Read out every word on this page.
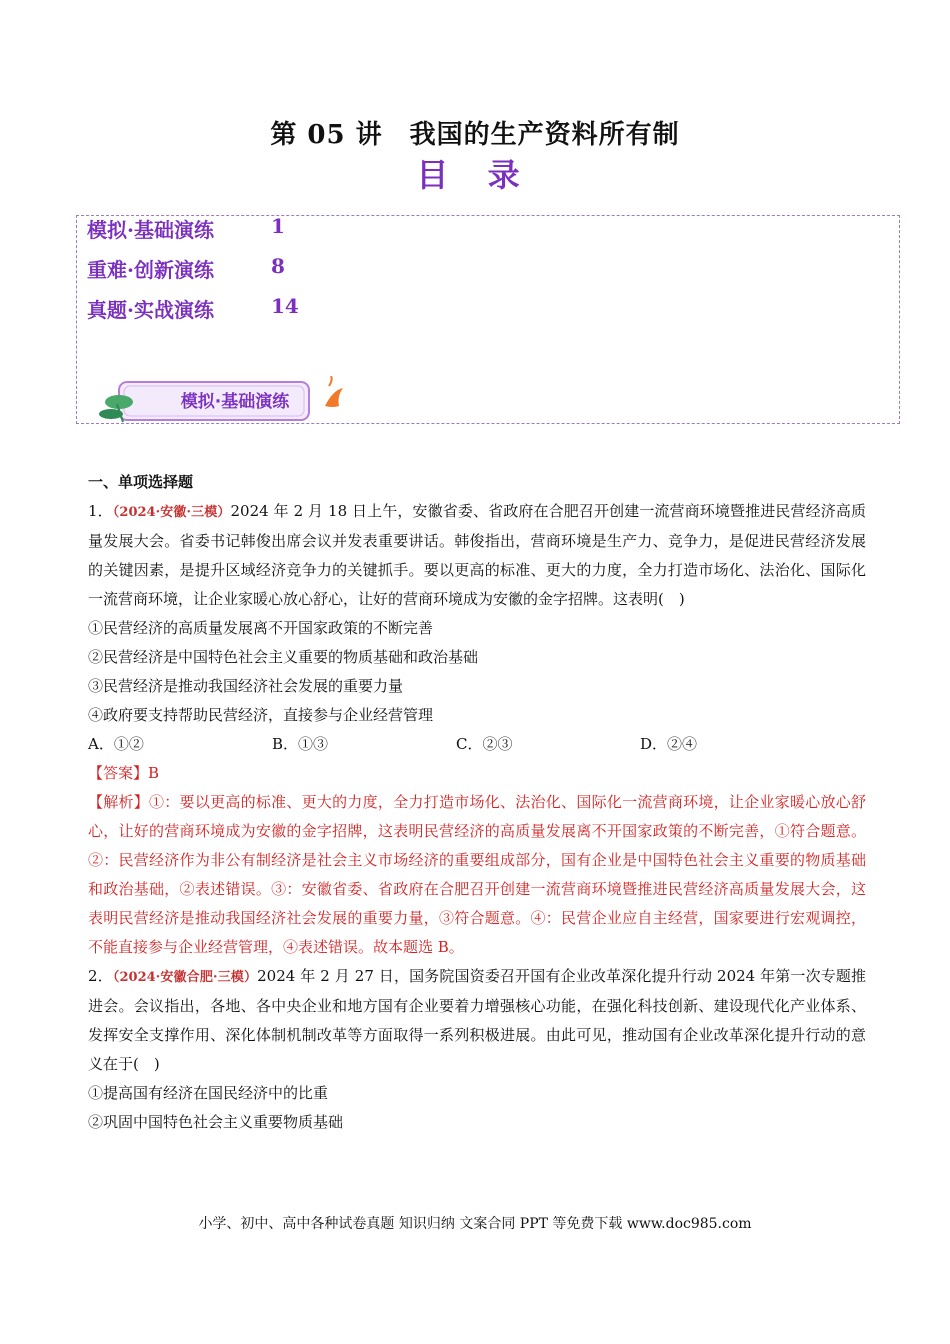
第 05 讲　我国的生产资料所有制
目 录
模拟·基础演练	1
重难·创新演练	8
真题·实战演练	14
模拟·基础演练
一、单项选择题

1．（2024·安徽·三模）2024 年 2 月 18 日上午，安徽省委、省政府在合肥召开创建一流营商环境暨推进民营经济高质量发展大会。省委书记韩俊出席会议并发表重要讲话。韩俊指出，营商环境是生产力、竞争力，是促进民营经济发展的关键因素，是提升区域经济竞争力的关键抓手。要以更高的标准、更大的力度，全力打造市场化、法治化、国际化一流营商环境，让企业家暖心放心舒心，让好的营商环境成为安徽的金字招牌。这表明(　)

①民营经济的高质量发展离不开国家政策的不断完善
②民营经济是中国特色社会主义重要的物质基础和政治基础
③民营经济是推动我国经济社会发展的重要力量
④政府要支持帮助民营经济，直接参与企业经营管理
A．①②	B．①③	C．②③	D．②④
【答案】B

【解析】①：要以更高的标准、更大的力度，全力打造市场化、法治化、国际化一流营商环境，让企业家暖心放心舒心，让好的营商环境成为安徽的金字招牌，这表明民营经济的高质量发展离不开国家政策的不断完善，①符合题意。②：民营经济作为非公有制经济是社会主义市场经济的重要组成部分，国有企业是中国特色社会主义重要的物质基础和政治基础，②表述错误。③：安徽省委、省政府在合肥召开创建一流营商环境暨推进民营经济高质量发展大会，这表明民营经济是推动我国经济社会发展的重要力量，③符合题意。④：民营企业应自主经营，国家要进行宏观调控，不能直接参与企业经营管理，④表述错误。故本题选 B。

2．（2024·安徽合肥·三模）2024 年 2 月 27 日，国务院国资委召开国有企业改革深化提升行动 2024 年第一次专题推进会。会议指出，各地、各中央企业和地方国有企业要着力增强核心功能，在强化科技创新、建设现代化产业体系、发挥安全支撑作用、深化体制机制改革等方面取得一系列积极进展。由此可见，推动国有企业改革深化提升行动的意义在于(　)

①提高国有经济在国民经济中的比重
②巩固中国特色社会主义重要物质基础
小学、初中、高中各种试卷真题 知识归纳 文案合同 PPT 等免费下载 www.doc985.com
